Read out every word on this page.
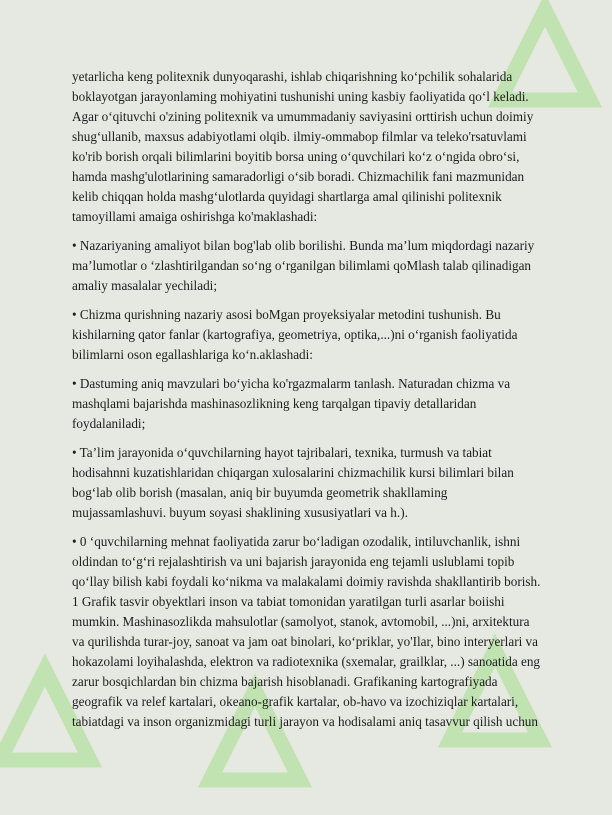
yetarlicha keng politexnik dunyoqarashi, ishlab chiqarishning ko‘pchilik sohalarida boklayotgan jarayonlaming mohiyatini tushunishi uning kasbiy faoliyatida qo‘l keladi. Agar o‘qituvchi o'zining politexnik va umummadaniy saviyasini orttirish uchun doimiy shug‘ullanib, maxsus adabiyotlami olqib. ilmiy-ommabop filmlar va teleko'rsatuvlami ko'rib borish orqali bilimlarini boyitib borsa uning o‘quvchilari ko‘z o‘ngida obro‘si, hamda mashg'ulotlarining samaradorligi o‘sib boradi. Chizmachilik fani mazmunidan kelib chiqqan holda mashg‘ulotlarda quyidagi shartlarga amal qilinishi politexnik tamoyillami amaiga oshirishga ko'maklashadi:

• Nazariyaning amaliyot bilan bog'lab olib borilishi. Bunda ma’lum miqdordagi nazariy ma’lumotlar o ‘zlashtirilgandan so‘ng o‘rganilgan bilimlami qoMlash talab qilinadigan amaliy masalalar yechiladi;

• Chizma qurishning nazariy asosi boMgan proyeksiyalar metodini tushunish. Bu kishilarning qator fanlar (kartografiya, geometriya, optika,...)ni o‘rganish faoliyatida bilimlarni oson egallashlariga ko‘n.aklashadi:

• Dastuming aniq mavzulari bo‘yicha ko'rgazmalarm tanlash. Naturadan chizma va mashqlami bajarishda mashinasozlikning keng tarqalgan tipaviy detallaridan foydalaniladi;

• Ta’lim jarayonida o‘quvchilarning hayot tajribalari, texnika, turmush va tabiat hodisahnni kuzatishlaridan chiqargan xulosalarini chizmachilik kursi bilimlari bilan bog‘lab olib borish (masalan, aniq bir buyumda geometrik shakllaming mujassamlashuvi. buyum soyasi shaklining xususiyatlari va h.).

• 0 ‘quvchilarning mehnat faoliyatida zarur bo‘ladigan ozodalik, intiluvchanlik, ishni oldindan to‘g‘ri rejalashtirish va uni bajarish jarayonida eng tejamli uslublami topib qo‘llay bilish kabi foydali ko‘nikma va malakalami doimiy ravishda shakllantirib borish. 1 Grafik tasvir obyektlari inson va tabiat tomonidan yaratilgan turli asarlar boiishi mumkin. Mashinasozlikda mahsulotlar (samolyot, stanok, avtomobil, ...)ni, arxitektura va qurilishda turar-joy, sanoat va jam oat binolari, ko‘priklar, yo'Ilar, bino interyerlari va hokazolami loyihalashda, elektron va radiotexnika (sxemalar, grailklar, ...) sanoatida eng zarur bosqichlardan bin chizma bajarish hisoblanadi. Grafikaning kartografiyada geografik va relef kartalari, okeano-grafik kartalar, ob-havo va izochiziqlar kartalari, tabiatdagi va inson organizmidagi turli jarayon va hodisalami aniq tasavvur qilish uchun
